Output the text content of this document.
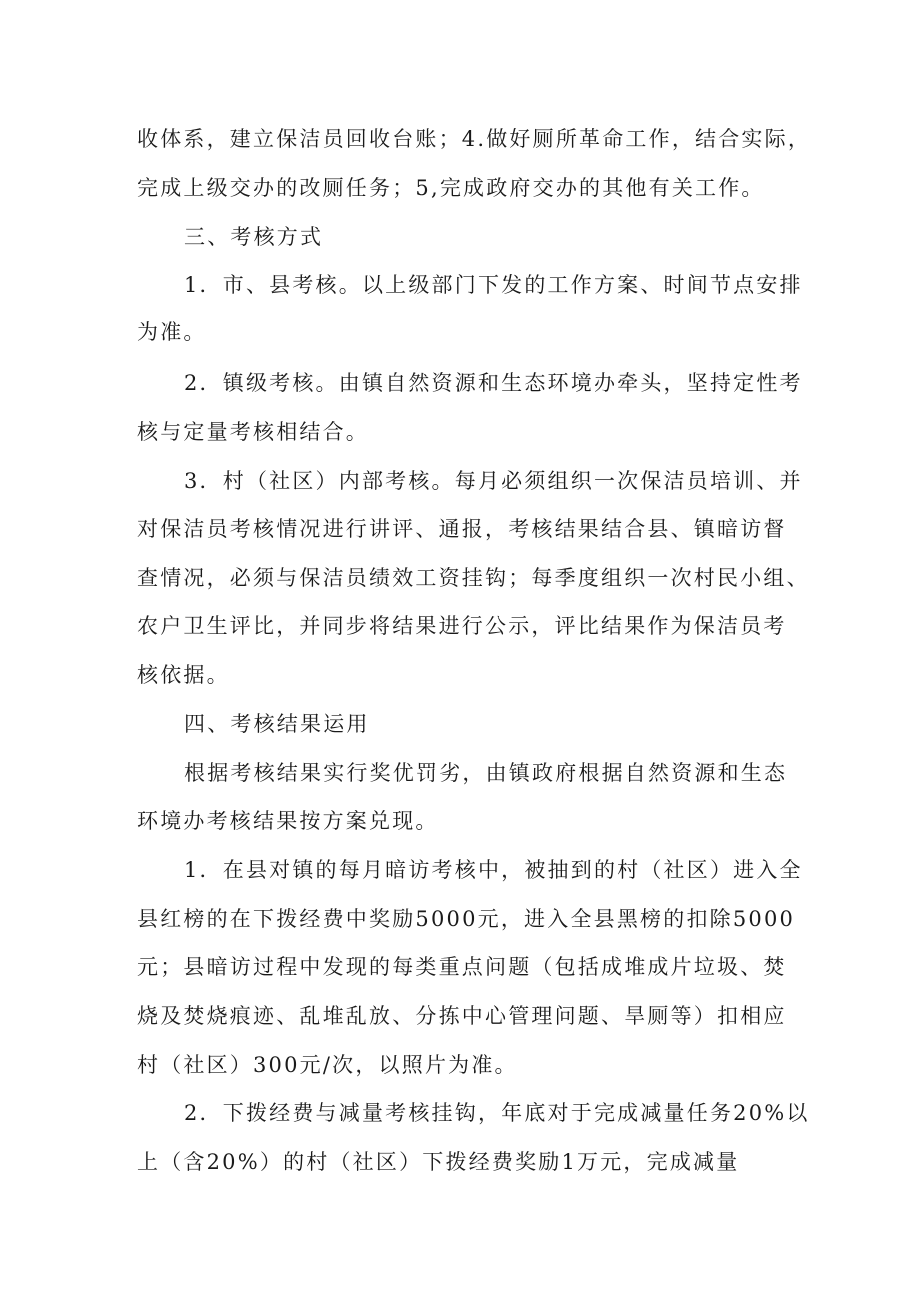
收体系，建立保洁员回收台账；4.做好厕所革命工作，结合实际，
完成上级交办的改厕任务；5,完成政府交办的其他有关工作。
三、考核方式
1．市、县考核。以上级部门下发的工作方案、时间节点安排
为准。
2．镇级考核。由镇自然资源和生态环境办牵头，坚持定性考
核与定量考核相结合。
3．村（社区）内部考核。每月必须组织一次保洁员培训、并
对保洁员考核情况进行讲评、通报，考核结果结合县、镇暗访督
查情况，必须与保洁员绩效工资挂钩；每季度组织一次村民小组、
农户卫生评比，并同步将结果进行公示，评比结果作为保洁员考
核依据。
四、考核结果运用
根据考核结果实行奖优罚劣，由镇政府根据自然资源和生态
环境办考核结果按方案兑现。
1．在县对镇的每月暗访考核中，被抽到的村（社区）进入全
县红榜的在下拨经费中奖励5000元，进入全县黑榜的扣除5000
元；县暗访过程中发现的每类重点问题（包括成堆成片垃圾、焚
烧及焚烧痕迹、乱堆乱放、分拣中心管理问题、旱厕等）扣相应
村（社区）300元/次，以照片为准。
2．下拨经费与减量考核挂钩，年底对于完成减量任务20%以
上（含20%）的村（社区）下拨经费奖励1万元，完成减量
